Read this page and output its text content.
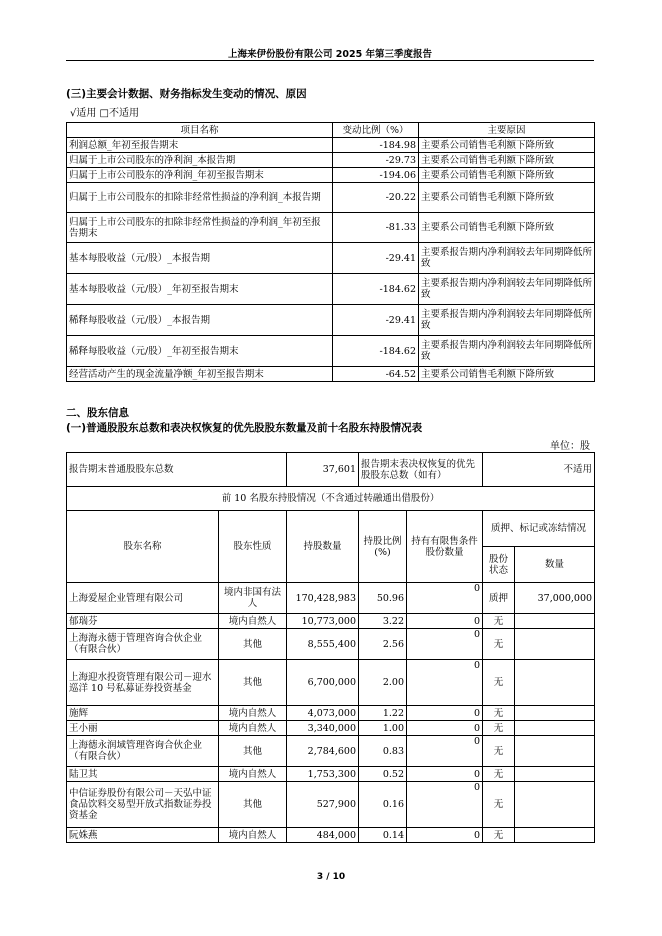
上海来伊份股份有限公司 2025 年第三季度报告
(三)主要会计数据、财务指标发生变动的情况、原因
√适用 □不适用
项目名称	变动比例（%）	主要原因
利润总额_年初至报告期末	-184.98	主要系公司销售毛利额下降所致
归属于上市公司股东的净利润_本报告期	-29.73	主要系公司销售毛利额下降所致
归属于上市公司股东的净利润_年初至报告期末	-194.06	主要系公司销售毛利额下降所致
归属于上市公司股东的扣除非经常性损益的净利润_本报告期	-20.22	主要系公司销售毛利额下降所致
归属于上市公司股东的扣除非经常性损益的净利润_年初至报告期末	-81.33	主要系公司销售毛利额下降所致
基本每股收益（元/股）_本报告期	-29.41	主要系报告期内净利润较去年同期降低所致
基本每股收益（元/股）_年初至报告期末	-184.62	主要系报告期内净利润较去年同期降低所致
稀释每股收益（元/股）_本报告期	-29.41	主要系报告期内净利润较去年同期降低所致
稀释每股收益（元/股）_年初至报告期末	-184.62	主要系报告期内净利润较去年同期降低所致
经营活动产生的现金流量净额_年初至报告期末	-64.52	主要系公司销售毛利额下降所致
二、股东信息
(一)普通股股东总数和表决权恢复的优先股股东数量及前十名股东持股情况表
单位：股
报告期末普通股股东总数		37,601	报告期末表决权恢复的优先股股东总数（如有）		不适用	
前 10 名股东持股情况（不含通过转融通出借股份）						
股东名称	股东性质	持股数量	持股比例(%)	持有有限售条件股份数量	质押、标记或冻结情况	
					股份状态	数量
上海爱屋企业管理有限公司	境内非国有法人	170,428,983	50.96	0	质押	37,000,000
郁瑞芬	境内自然人	10,773,000	3.22	0	无	
上海海永德于管理咨询合伙企业（有限合伙）	其他	8,555,400	2.56	0	无	
上海迎水投资管理有限公司－迎水巡洋 10 号私募证券投资基金	其他	6,700,000	2.00	0	无	
施辉	境内自然人	4,073,000	1.22	0	无	
王小丽	境内自然人	3,340,000	1.00	0	无	
上海德永润域管理咨询合伙企业（有限合伙）	其他	2,784,600	0.83	0	无	
陆卫其	境内自然人	1,753,300	0.52	0	无	
中信证券股份有限公司－天弘中证食品饮料交易型开放式指数证券投资基金	其他	527,900	0.16	0	无	
阮姝燕	境内自然人	484,000	0.14	0	无	
3 / 10
